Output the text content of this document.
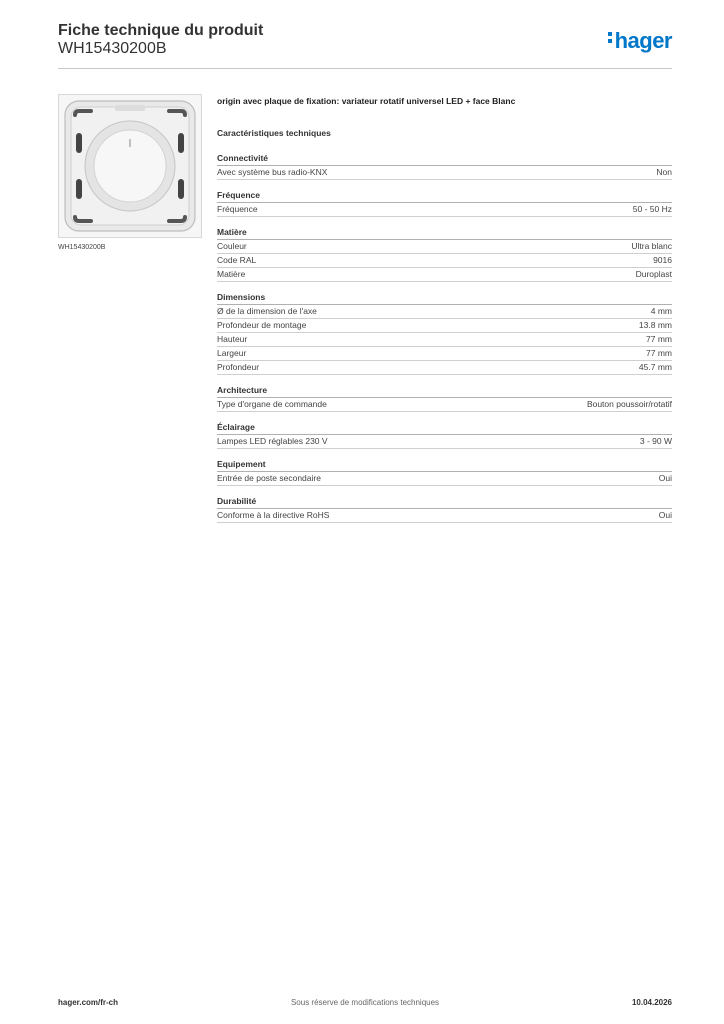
Fiche technique du produit
WH15430200B	hager
WH15430200B
origin avec plaque de fixation: variateur rotatif universel LED + face Blanc
Caractéristiques techniques
Connectivité
Avec système bus radio-KNX	Non
Fréquence
Fréquence	50 - 50 Hz
Matière
Couleur	Ultra blanc
Code RAL	9016
Matière	Duroplast
Dimensions
Ø de la dimension de l'axe	4 mm
Profondeur de montage	13.8 mm
Hauteur	77 mm
Largeur	77 mm
Profondeur	45.7 mm
Architecture
Type d'organe de commande	Bouton poussoir/rotatif
Éclairage
Lampes LED réglables 230 V	3 - 90 W
Equipement
Entrée de poste secondaire	Oui
Durabilité
Conforme à la directive RoHS	Oui
hager.com/fr-ch	Sous réserve de modifications techniques	10.04.2026
